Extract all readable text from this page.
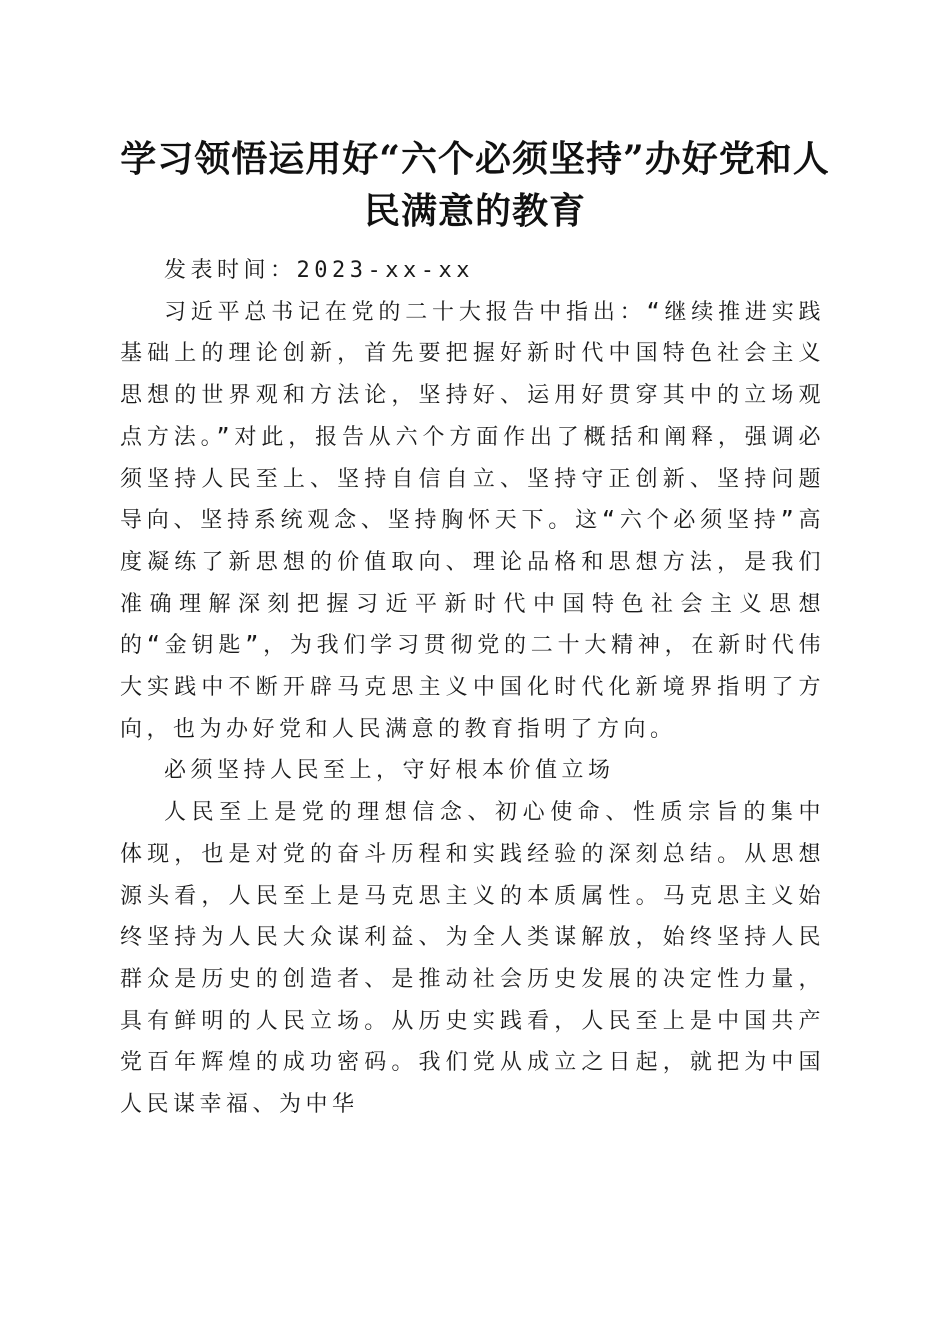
学习领悟运用好“六个必须坚持”办好党和人民满意的教育

发表时间：2023-xx-xx

习近平总书记在党的二十大报告中指出：“继续推进实践基础上的理论创新，首先要把握好新时代中国特色社会主义思想的世界观和方法论，坚持好、运用好贯穿其中的立场观点方法。”对此，报告从六个方面作出了概括和阐释，强调必须坚持人民至上、坚持自信自立、坚持守正创新、坚持问题导向、坚持系统观念、坚持胸怀天下。这“六个必须坚持”高度凝练了新思想的价值取向、理论品格和思想方法，是我们准确理解深刻把握习近平新时代中国特色社会主义思想的“金钥匙”，为我们学习贯彻党的二十大精神，在新时代伟大实践中不断开辟马克思主义中国化时代化新境界指明了方向，也为办好党和人民满意的教育指明了方向。

必须坚持人民至上，守好根本价值立场

人民至上是党的理想信念、初心使命、性质宗旨的集中体现，也是对党的奋斗历程和实践经验的深刻总结。从思想源头看，人民至上是马克思主义的本质属性。马克思主义始终坚持为人民大众谋利益、为全人类谋解放，始终坚持人民群众是历史的创造者、是推动社会历史发展的决定性力量，具有鲜明的人民立场。从历史实践看，人民至上是中国共产党百年辉煌的成功密码。我们党从成立之日起，就把为中国人民谋幸福、为中华
